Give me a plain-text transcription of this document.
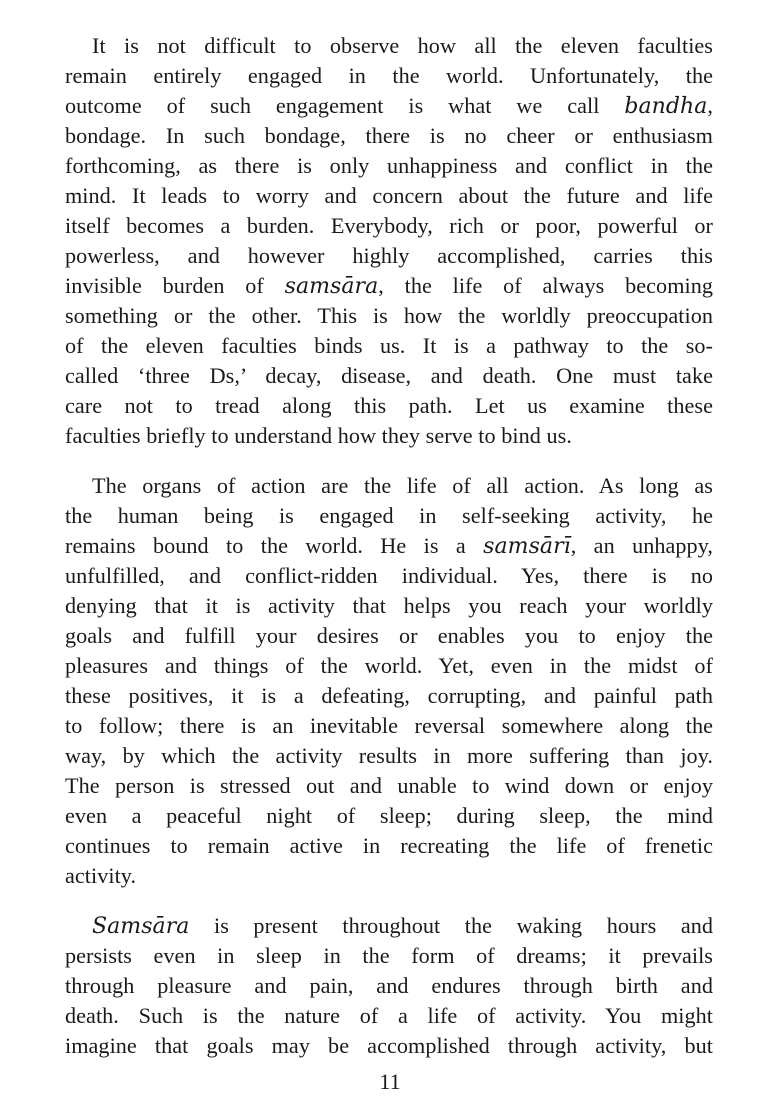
It is not difficult to observe how all the eleven faculties
remain entirely engaged in the world. Unfortunately, the
outcome of such engagement is what we call bandha,
bondage. In such bondage, there is no cheer or enthusiasm
forthcoming, as there is only unhappiness and conflict in the
mind. It leads to worry and concern about the future and life
itself becomes a burden. Everybody, rich or poor, powerful or
powerless, and however highly accomplished, carries this
invisible burden of samsāra, the life of always becoming
something or the other. This is how the worldly preoccupation
of the eleven faculties binds us. It is a pathway to the so-
called ‘three Ds,’ decay, disease, and death. One must take
care not to tread along this path. Let us examine these
faculties briefly to understand how they serve to bind us.
The organs of action are the life of all action. As long as
the human being is engaged in self-seeking activity, he
remains bound to the world. He is a samsārī, an unhappy,
unfulfilled, and conflict-ridden individual. Yes, there is no
denying that it is activity that helps you reach your worldly
goals and fulfill your desires or enables you to enjoy the
pleasures and things of the world. Yet, even in the midst of
these positives, it is a defeating, corrupting, and painful path
to follow; there is an inevitable reversal somewhere along the
way, by which the activity results in more suffering than joy.
The person is stressed out and unable to wind down or enjoy
even a peaceful night of sleep; during sleep, the mind
continues to remain active in recreating the life of frenetic
activity.
Samsāra is present throughout the waking hours and
persists even in sleep in the form of dreams; it prevails
through pleasure and pain, and endures through birth and
death. Such is the nature of a life of activity. You might
imagine that goals may be accomplished through activity, but
11
